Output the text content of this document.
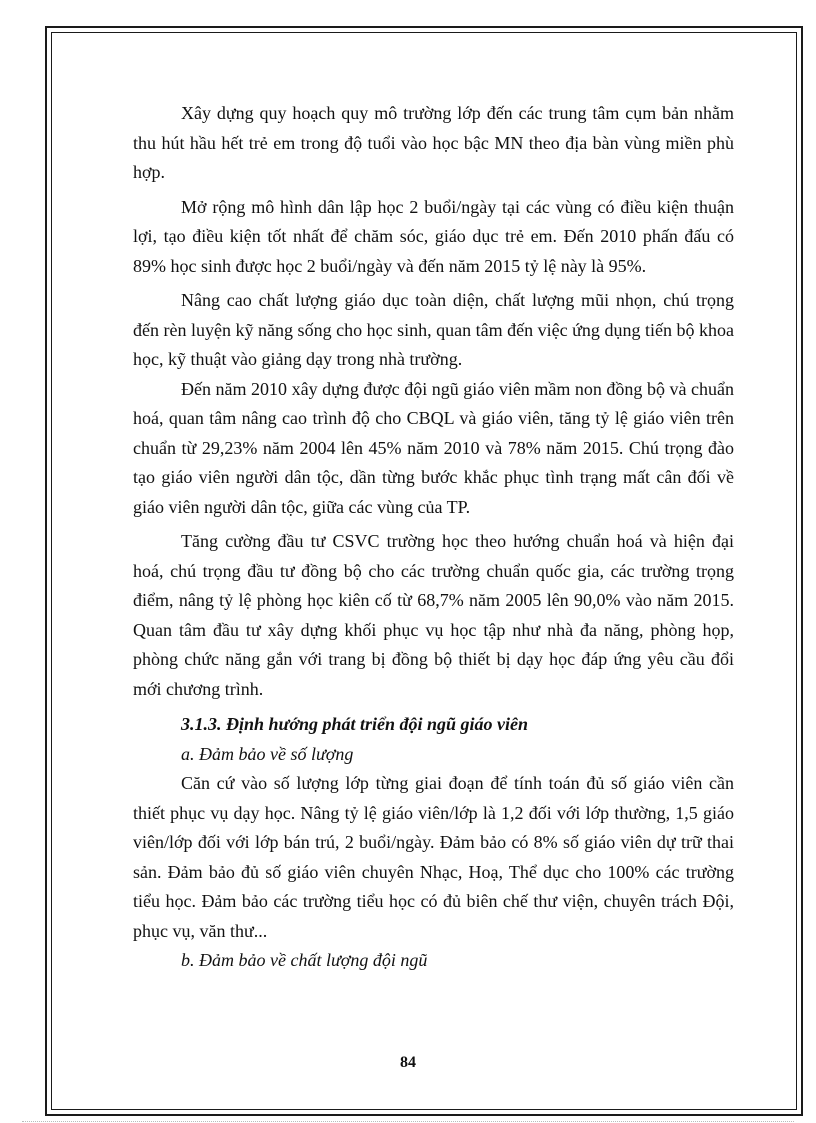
Xây dựng quy hoạch quy mô trường lớp đến các trung tâm cụm bản nhằm thu hút hầu hết trẻ em trong độ tuổi vào học bậc MN theo địa bàn vùng miền phù hợp.

Mở rộng mô hình dân lập học 2 buổi/ngày tại các vùng có điều kiện thuận lợi, tạo điều kiện tốt nhất để chăm sóc, giáo dục trẻ em. Đến 2010 phấn đấu có 89% học sinh được học 2 buổi/ngày và đến năm 2015 tỷ lệ này là 95%.

Nâng cao chất lượng giáo dục toàn diện, chất lượng mũi nhọn, chú trọng đến rèn luyện kỹ năng sống cho học sinh, quan tâm đến việc ứng dụng tiến bộ khoa học, kỹ thuật vào giảng dạy trong nhà trường.

Đến năm 2010 xây dựng được đội ngũ giáo viên mầm non đồng bộ và chuẩn hoá, quan tâm nâng cao trình độ cho CBQL và giáo viên, tăng tỷ lệ giáo viên trên chuẩn từ 29,23% năm 2004 lên 45% năm 2010 và 78% năm 2015. Chú trọng đào tạo giáo viên người dân tộc, dần từng bước khắc phục tình trạng mất cân đối về giáo viên người dân tộc, giữa các vùng của TP.

Tăng cường đầu tư CSVC trường học theo hướng chuẩn hoá và hiện đại hoá, chú trọng đầu tư đồng bộ cho các trường chuẩn quốc gia, các trường trọng điểm, nâng tỷ lệ phòng học kiên cố từ 68,7% năm 2005 lên 90,0% vào năm 2015. Quan tâm đầu tư xây dựng khối phục vụ học tập như nhà đa năng, phòng họp, phòng chức năng gắn với trang bị đồng bộ thiết bị dạy học đáp ứng yêu cầu đổi mới chương trình.

3.1.3. Định hướng phát triển đội ngũ giáo viên

a. Đảm bảo về số lượng

Căn cứ vào số lượng lớp từng giai đoạn để tính toán đủ số giáo viên cần thiết phục vụ dạy học. Nâng tỷ lệ giáo viên/lớp là 1,2 đối với lớp thường, 1,5 giáo viên/lớp đối với lớp bán trú, 2 buổi/ngày. Đảm bảo có 8% số giáo viên dự trữ thai sản. Đảm bảo đủ số giáo viên chuyên Nhạc, Hoạ, Thể dục cho 100% các trường tiểu học. Đảm bảo các trường tiểu học có đủ biên chế thư viện, chuyên trách Đội, phục vụ, văn thư...

b. Đảm bảo về chất lượng đội ngũ

84
